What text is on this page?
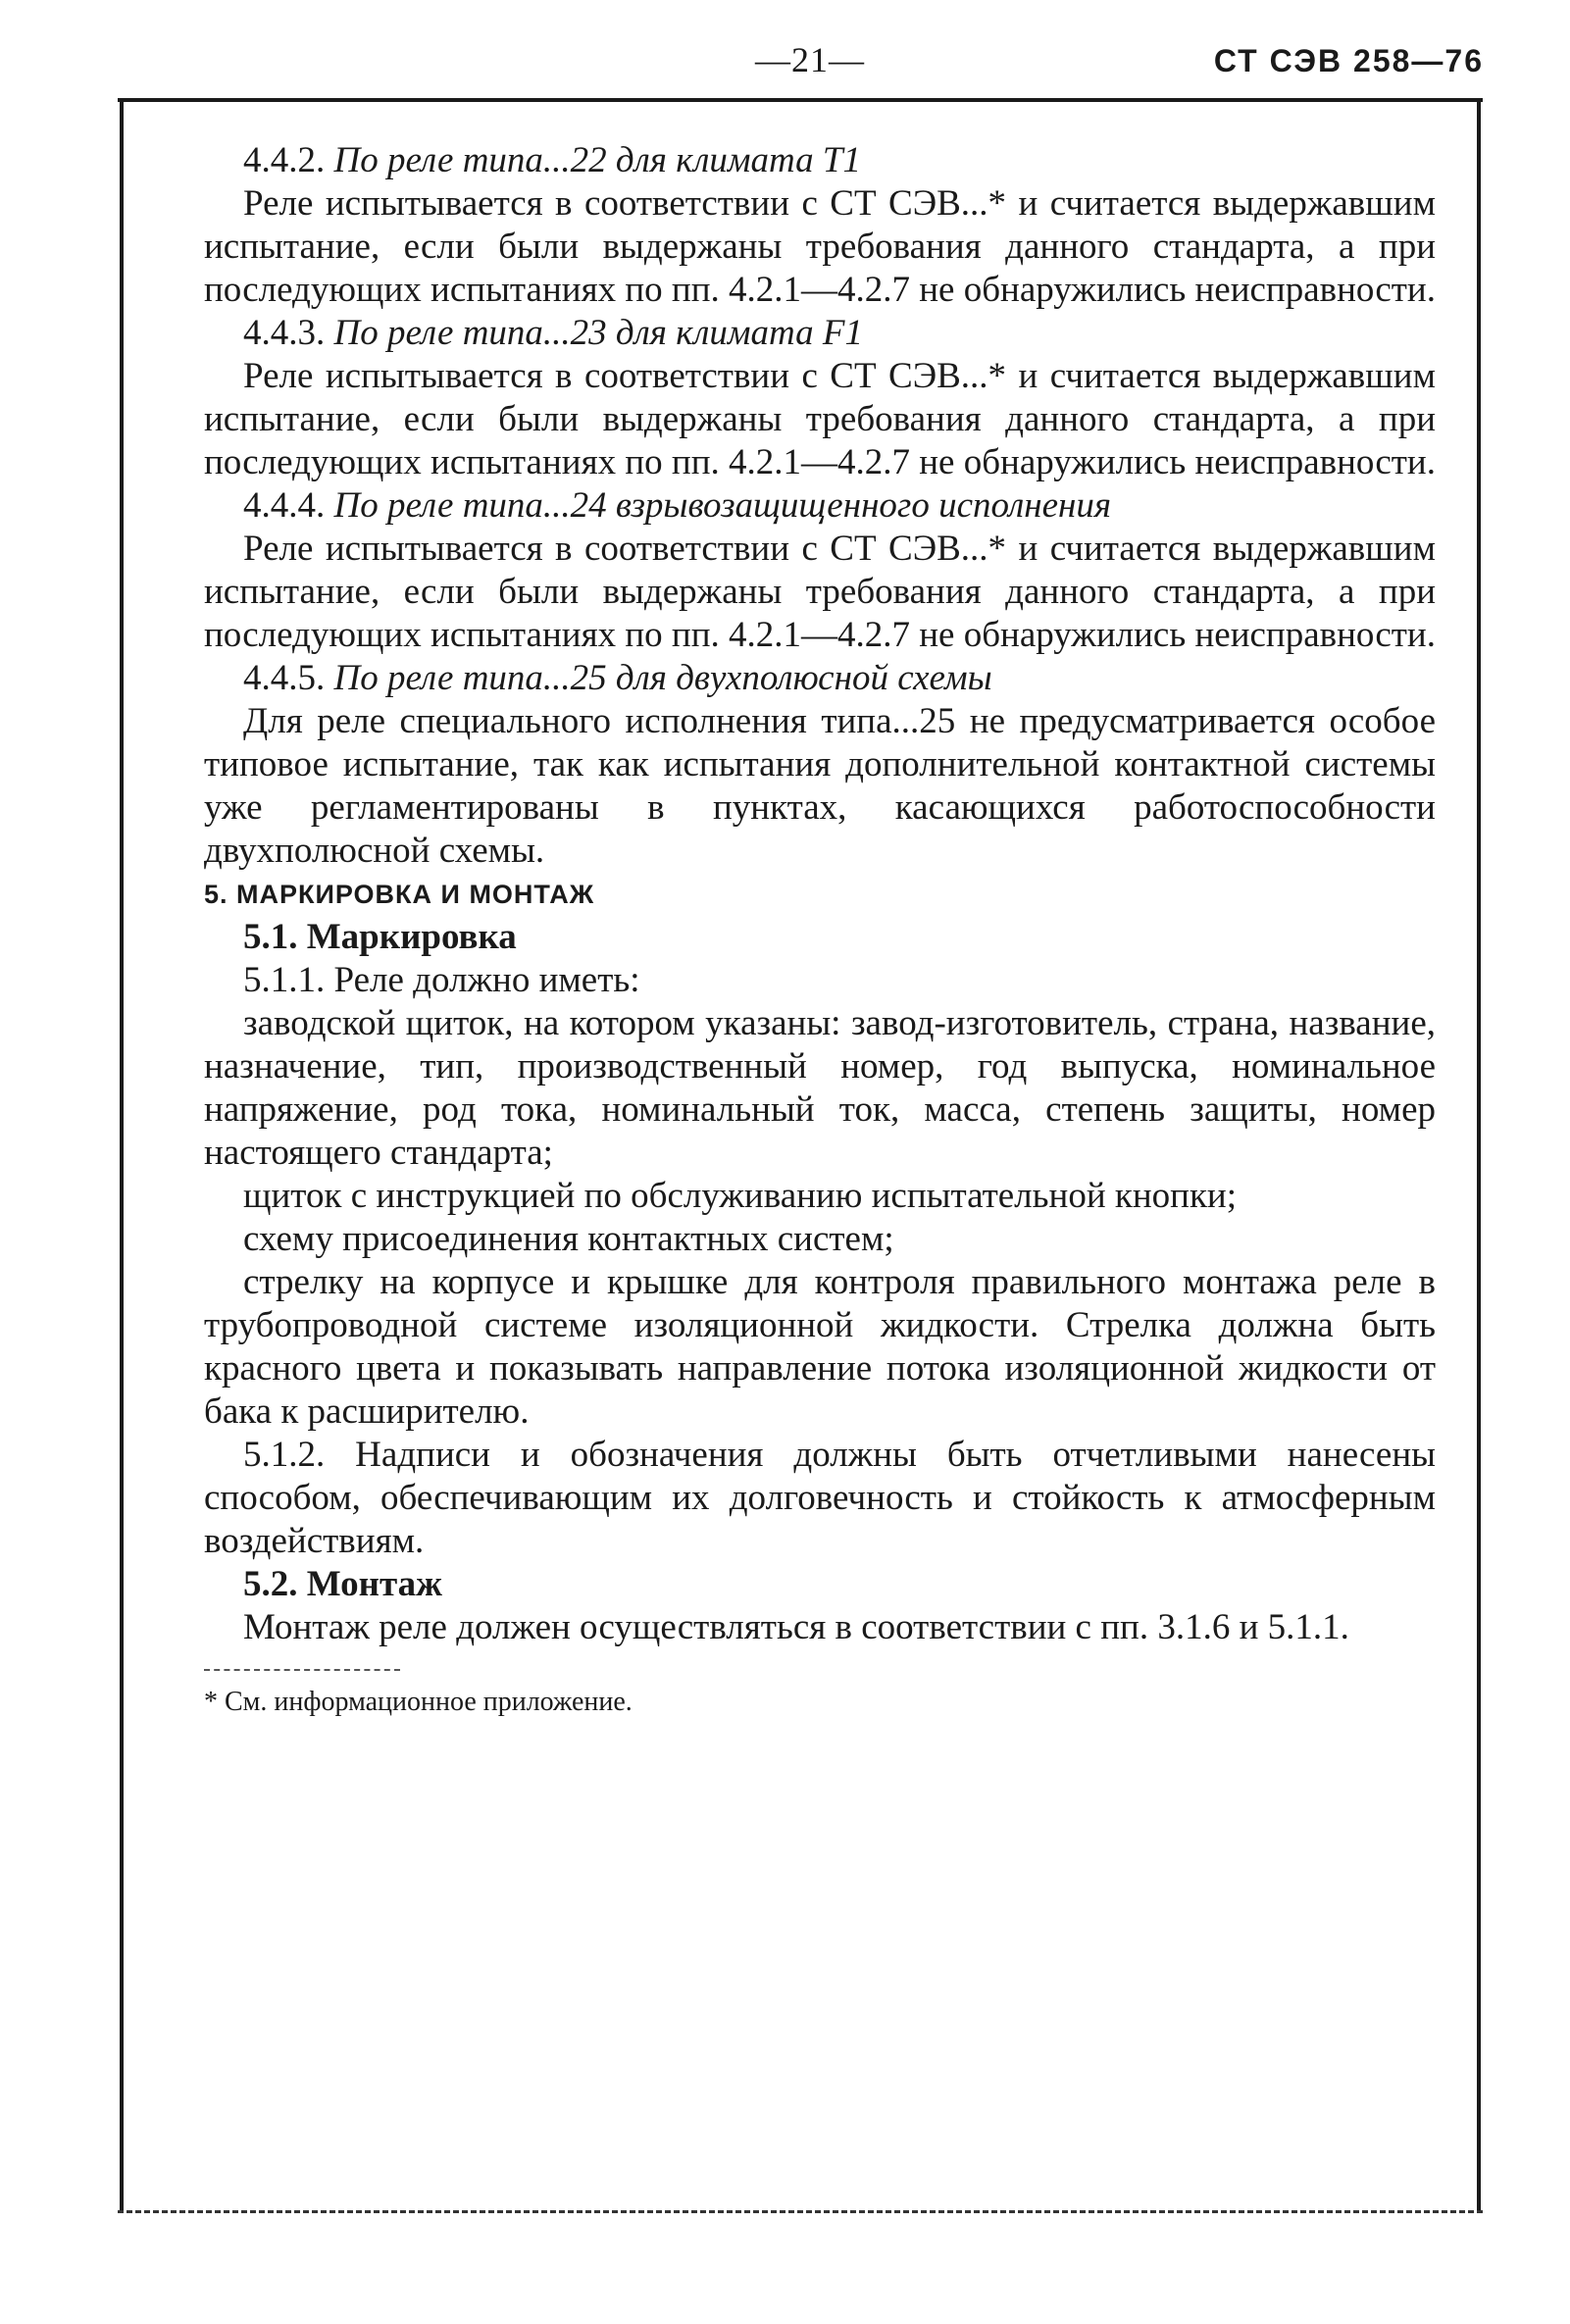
—21—	СТ СЭВ 258—76

4.4.2. По реле типа...22 для климата Т1

Реле испытывается в соответствии с СТ СЭВ...* и считается выдержавшим испытание, если были выдержаны требования данного стандарта, а при последующих испытаниях по пп. 4.2.1—4.2.7 не обнаружились неисправности.

4.4.3. По реле типа...23 для климата F1

Реле испытывается в соответствии с СТ СЭВ...* и считается выдержавшим испытание, если были выдержаны требования данного стандарта, а при последующих испытаниях по пп. 4.2.1—4.2.7 не обнаружились неисправности.

4.4.4. По реле типа...24 взрывозащищенного исполнения

Реле испытывается в соответствии с СТ СЭВ...* и считается выдержавшим испытание, если были выдержаны требования данного стандарта, а при последующих испытаниях по пп. 4.2.1—4.2.7 не обнаружились неисправности.

4.4.5. По реле типа...25 для двухполюсной схемы

Для реле специального исполнения типа...25 не предусматривается особое типовое испытание, так как испытания дополнительной контактной системы уже регламентированы в пунктах, касающихся работоспособности двухполюсной схемы.

5. МАРКИРОВКА И МОНТАЖ

5.1. Маркировка

5.1.1. Реле должно иметь:

заводской щиток, на котором указаны: завод-изготовитель, страна, название, назначение, тип, производственный номер, год выпуска, номинальное напряжение, род тока, номинальный ток, масса, степень защиты, номер настоящего стандарта;

щиток с инструкцией по обслуживанию испытательной кнопки;

схему присоединения контактных систем;

стрелку на корпусе и крышке для контроля правильного монтажа реле в трубопроводной системе изоляционной жидкости. Стрелка должна быть красного цвета и показывать направление потока изоляционной жидкости от бака к расширителю.

5.1.2. Надписи и обозначения должны быть отчетливыми нанесены способом, обеспечивающим их долговечность и стойкость к атмосферным воздействиям.

5.2. Монтаж

Монтаж реле должен осуществляться в соответствии с пп. 3.1.6 и 5.1.1.

* См. информационное приложение.
